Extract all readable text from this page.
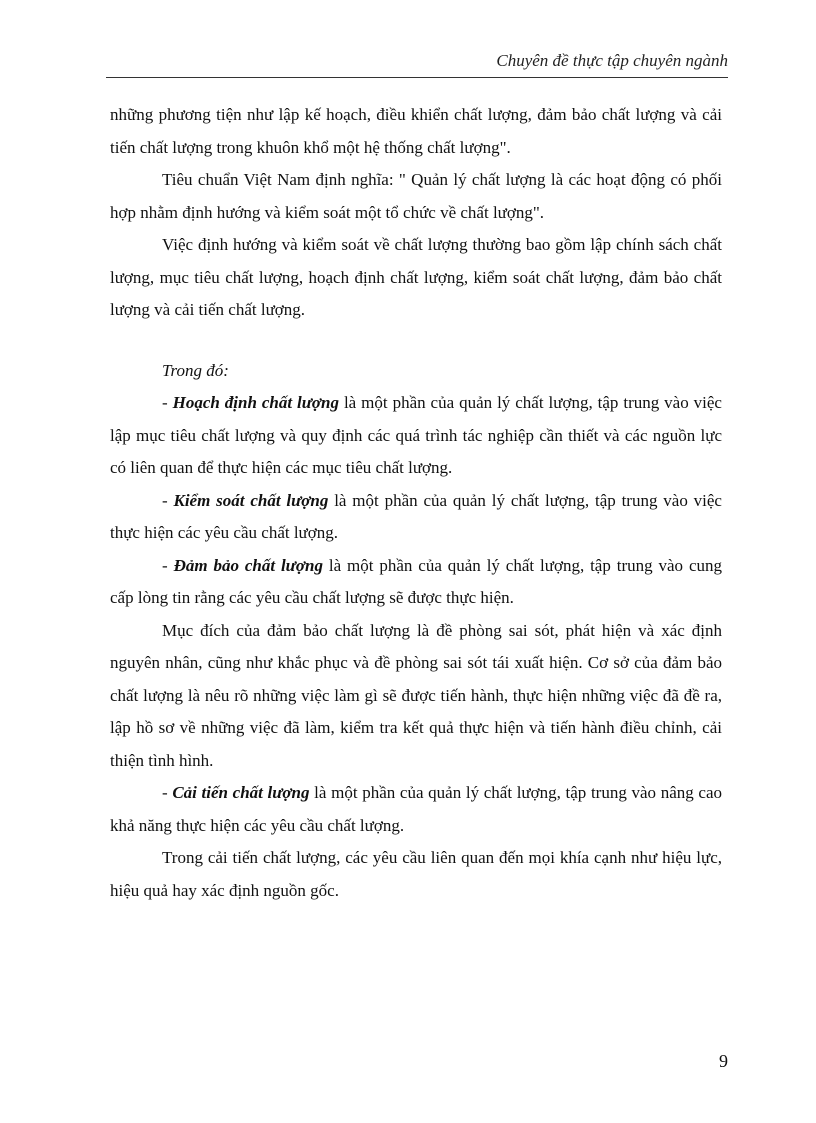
Chuyên đề thực tập chuyên ngành

những phương tiện như lập kế hoạch, điều khiển chất lượng, đảm bảo chất lượng và cải tiến chất lượng trong khuôn khổ một hệ thống chất lượng".

Tiêu chuẩn Việt Nam định nghĩa: " Quản lý chất lượng là các hoạt động có phối hợp nhằm định hướng và kiểm soát một tổ chức về chất lượng".

Việc định hướng và kiểm soát về chất lượng thường bao gồm lập chính sách chất lượng, mục tiêu chất lượng, hoạch định chất lượng, kiểm soát chất lượng, đảm bảo chất lượng và cải tiến chất lượng.

Trong đó:

- Hoạch định chất lượng là một phần của quản lý chất lượng, tập trung vào việc lập mục tiêu chất lượng và quy định các quá trình tác nghiệp cần thiết và các nguồn lực có liên quan để thực hiện các mục tiêu chất lượng.

- Kiểm soát chất lượng là một phần của quản lý chất lượng, tập trung vào việc thực hiện các yêu cầu chất lượng.

- Đảm bảo chất lượng là một phần của quản lý chất lượng, tập trung vào cung cấp lòng tin rằng các yêu cầu chất lượng sẽ được thực hiện.

Mục đích của đảm bảo chất lượng là đề phòng sai sót, phát hiện và xác định nguyên nhân, cũng như khắc phục và đề phòng sai sót tái xuất hiện. Cơ sở của đảm bảo chất lượng là nêu rõ những việc làm gì sẽ được tiến hành, thực hiện những việc đã đề ra, lập hồ sơ về những việc đã làm, kiểm tra kết quả thực hiện và tiến hành điều chỉnh, cải thiện tình hình.

- Cải tiến chất lượng là một phần của quản lý chất lượng, tập trung vào nâng cao khả năng thực hiện các yêu cầu chất lượng.

Trong cải tiến chất lượng, các yêu cầu liên quan đến mọi khía cạnh như hiệu lực, hiệu quả hay xác định nguồn gốc.

9
